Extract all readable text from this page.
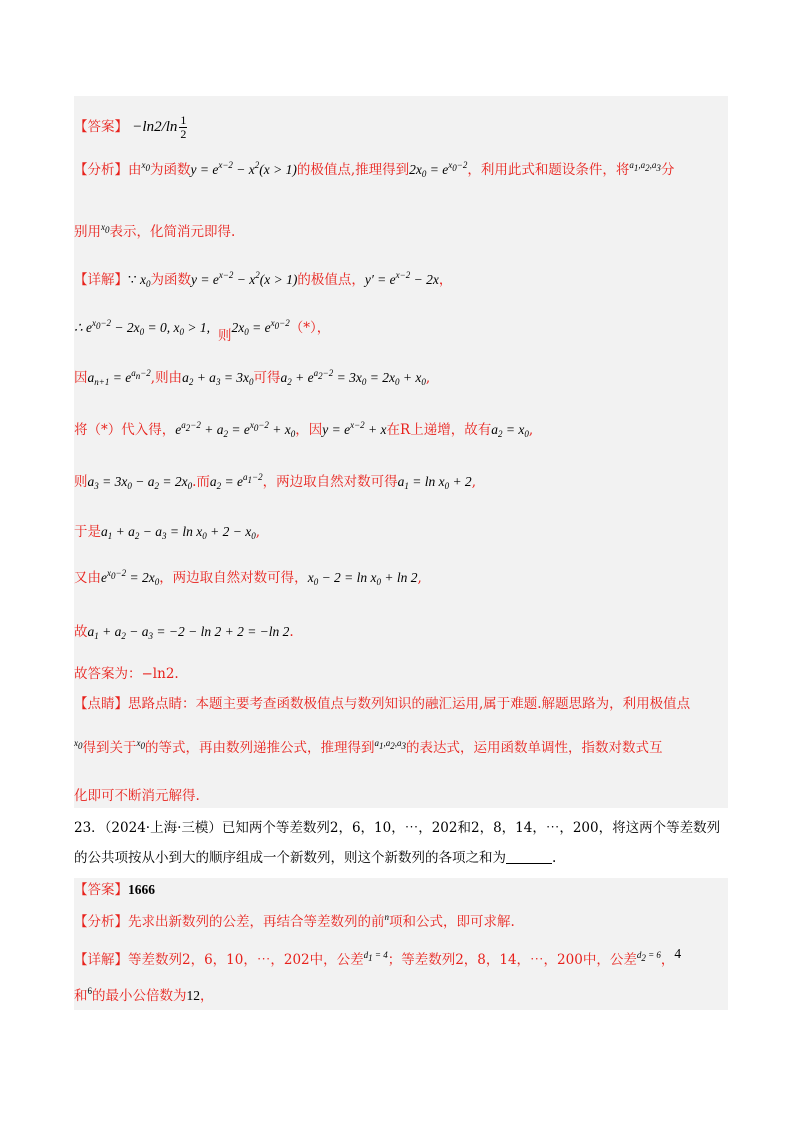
【答案】 $-\ln 2/\ln \frac{1}{2}$
【分析】由$^{x_0}$为函数$y = e^{x-2} - x^2(x > 1)$的极值点,推理得到$2x_0 = e^{x_0-2}$，利用此式和题设条件，将$^{a_1,a_2,a_3}$分
别用$^{x_0}$表示，化简消元即得.
【详解】∵ $x_0$为函数$y = e^{x-2} - x^2(x > 1)$的极值点，$y' = e^{x-2} - 2x$，
∴ $e^{x_0-2} - 2x_0 = 0$, $x_0 > 1$,则$2x_0 = e^{x_0-2}(*)$，
因$a_{n+1} = e^{a_n-2}$,则由$a_2 + a_3 = 3x_0$可得$a_2 + e^{a_2-2} = 3x_0 = 2x_0 + x_0$,
将（*）代入得，$e^{a_2-2} + a_2 = e^{x_0-2} + x_0$，因$y = e^{x-2} + x$在R上递增，故有$a_2 = x_0$,
则$a_3 = 3x_0 - a_2 = 2x_0$.而$a_2 = e^{a_1-2}$，两边取自然对数可得$a_1 = \ln x_0 + 2$,
于是$a_1 + a_2 - a_3 = \ln x_0 + 2 - x_0$,
又由$e^{x_0-2} = 2x_0$，两边取自然对数可得，$x_0 - 2 = \ln x_0 + \ln 2$,
故$a_1 + a_2 - a_3 = -2 - \ln 2 + 2 = -\ln$ 2.
故答案为：−ln2.
【点睛】思路点睛：本题主要考查函数极值点与数列知识的融汇运用,属于难题.解题思路为，利用极值点
$^{x_0}$得到关于$^{x_0}$的等式，再由数列递推公式，推理得到$^{a_1,a_2,a_3}$的表达式，运用函数单调性，指数对数式互
化即可不断消元解得.
23．（2024·上海·三模）已知两个等差数列2，6，10，⋯，202和2，8，14，⋯，200，将这两个等差数列
的公共项按从小到大的顺序组成一个新数列，则这个新数列的各项之和为	.
【答案】1666
【分析】先求出新数列的公差，再结合等差数列的前$^n$项和公式，即可求解.
【详解】等差数列2，6，10，⋯，202中，公差$^{d_1 = 4}$；等差数列2，8，14，⋯，200中，公差$^{d_2 = 6}$，4
和$^6$的最小公倍数为12，
